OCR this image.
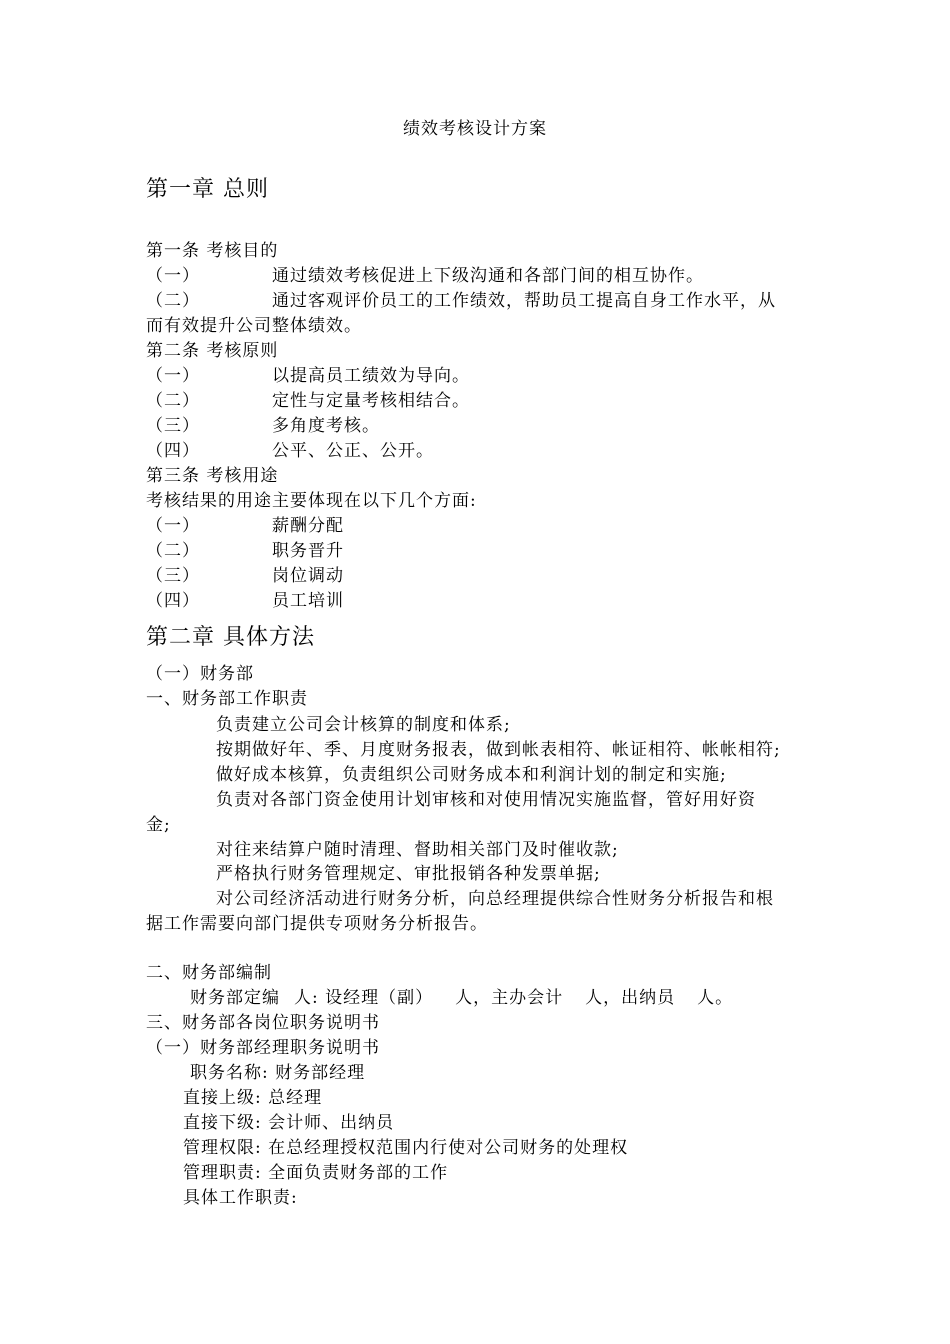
绩效考核设计方案
第一章 总则
第一条 考核目的
（一）	通过绩效考核促进上下级沟通和各部门间的相互协作。
（二）	通过客观评价员工的工作绩效，帮助员工提高自身工作水平，从
而有效提升公司整体绩效。
第二条 考核原则
（一）	以提高员工绩效为导向。
（二）	定性与定量考核相结合。
（三）	多角度考核。
（四）	公平、公正、公开。
第三条 考核用途
考核结果的用途主要体现在以下几个方面:
（一）	薪酬分配
（二）	职务晋升
（三）	岗位调动
（四）	员工培训
第二章 具体方法
（一）财务部
一、财务部工作职责
负责建立公司会计核算的制度和体系;
按期做好年、季、月度财务报表，做到帐表相符、帐证相符、帐帐相符;
做好成本核算，负责组织公司财务成本和利润计划的制定和实施;
负责对各部门资金使用计划审核和对使用情况实施监督，管好用好资
金;
对往来结算户随时清理、督助相关部门及时催收款;
严格执行财务管理规定、审批报销各种发票单据;
对公司经济活动进行财务分析，向总经理提供综合性财务分析报告和根
据工作需要向部门提供专项财务分析报告。
二、财务部编制
财务部定编 人: 设经理（副） 人，主办会计 人，出纳员 人。
三、财务部各岗位职务说明书
（一）财务部经理职务说明书
职务名称: 财务部经理
直接上级: 总经理
直接下级: 会计师、出纳员
管理权限: 在总经理授权范围内行使对公司财务的处理权
管理职责: 全面负责财务部的工作
具体工作职责:
